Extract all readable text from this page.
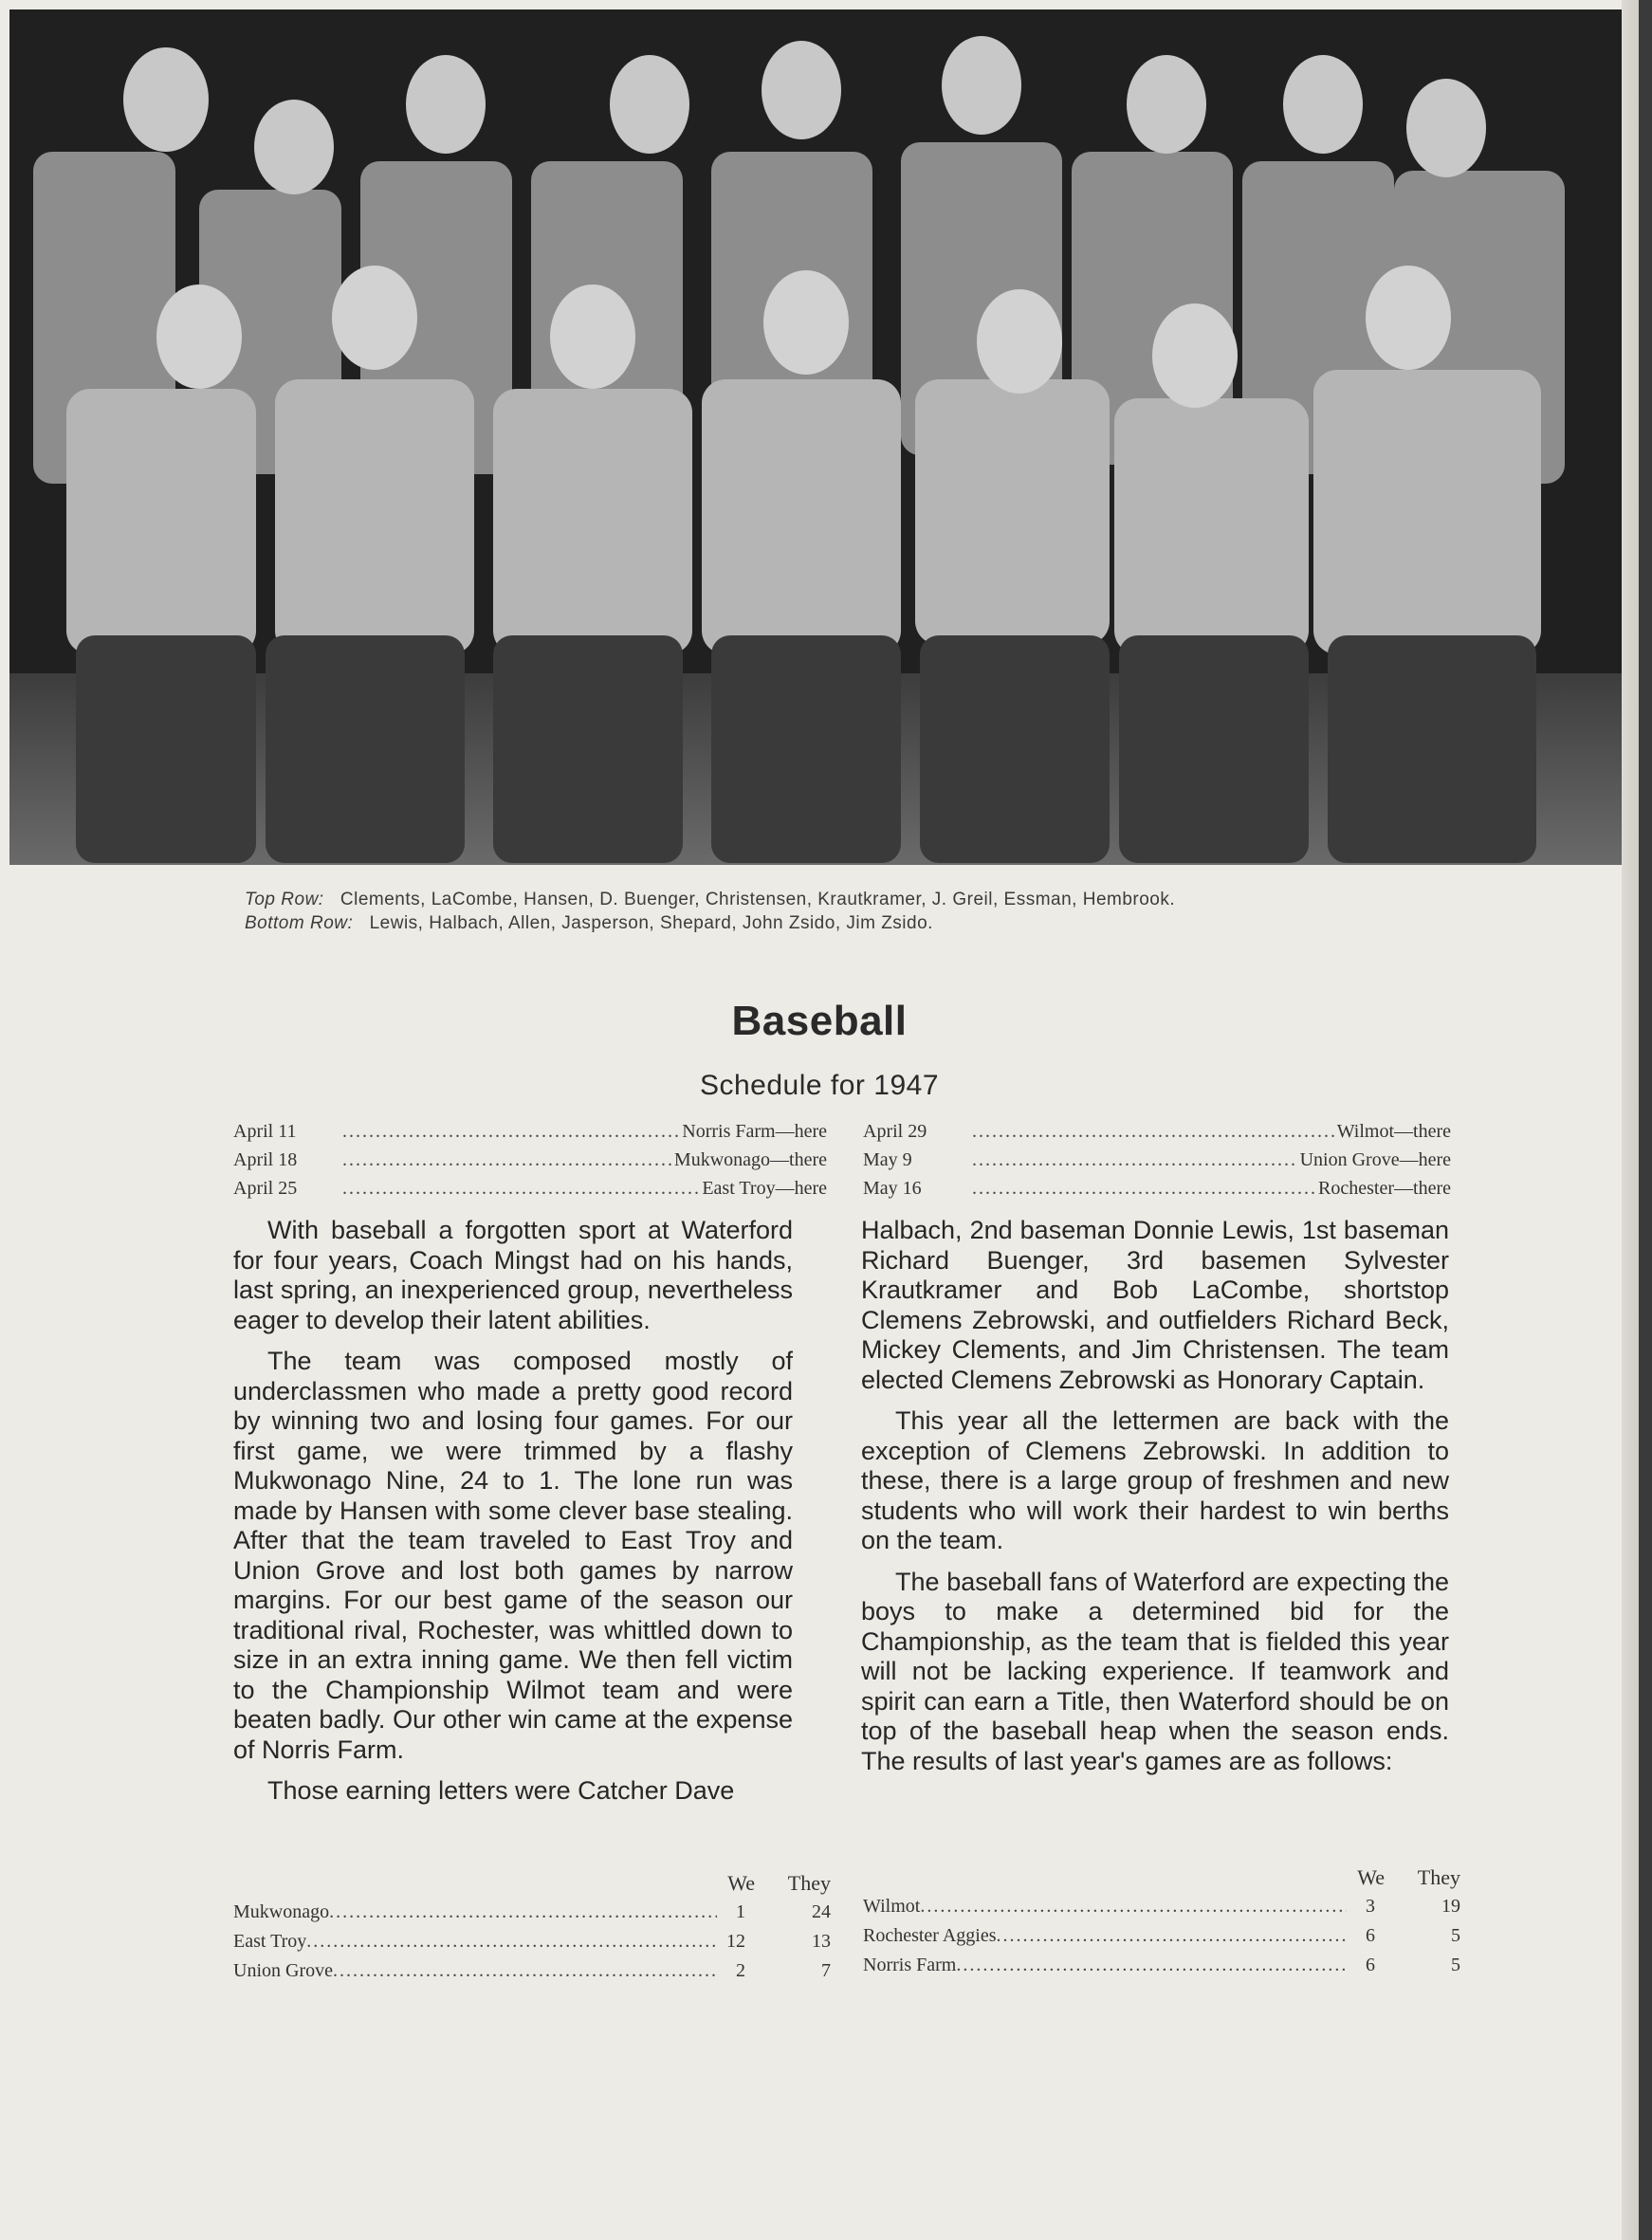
Top Row: Clements, LaCombe, Hansen, D. Buenger, Christensen, Krautkramer, J. Greil, Essman, Hembrook.
Bottom Row: Lewis, Halbach, Allen, Jasperson, Shepard, John Zsido, Jim Zsido.
Baseball
Schedule for 1947
April 11 .....	Norris Farm—here
April 18 .....	Mukwonago—there
April 25 .....	East Troy—here
April 29 .....	Wilmot—there
May 9 .....	Union Grove—here
May 16 .....	Rochester—there

With baseball a forgotten sport at Waterford for four years, Coach Mingst had on his hands, last spring, an inexperienced group, nevertheless eager to develop their latent abilities.

The team was composed mostly of underclassmen who made a pretty good record by winning two and losing four games. For our first game, we were trimmed by a flashy Mukwonago Nine, 24 to 1. The lone run was made by Hansen with some clever base stealing. After that the team traveled to East Troy and Union Grove and lost both games by narrow margins. For our best game of the season our traditional rival, Rochester, was whittled down to size in an extra inning game. We then fell victim to the Championship Wilmot team and were beaten badly. Our other win came at the expense of Norris Farm.

Those earning letters were Catcher Dave

Halbach, 2nd baseman Donnie Lewis, 1st baseman Richard Buenger, 3rd basemen Sylvester Krautkramer and Bob LaCombe, shortstop Clemens Zebrowski, and outfielders Richard Beck, Mickey Clements, and Jim Christensen. The team elected Clemens Zebrowski as Honorary Captain.

This year all the lettermen are back with the exception of Clemens Zebrowski. In addition to these, there is a large group of freshmen and new students who will work their hardest to win berths on the team.

The baseball fans of Waterford are expecting the boys to make a determined bid for the Championship, as the team that is fielded this year will not be lacking experience. If teamwork and spirit can earn a Title, then Waterford should be on top of the baseball heap when the season ends. The results of last year's games are as follows:

We	They
Mukwonago .....	1	24
East Troy .....	12	13
Union Grove .....	2	7
We	They
Wilmot .....	3	19
Rochester Aggies .....	6	5
Norris Farm .....	6	5
